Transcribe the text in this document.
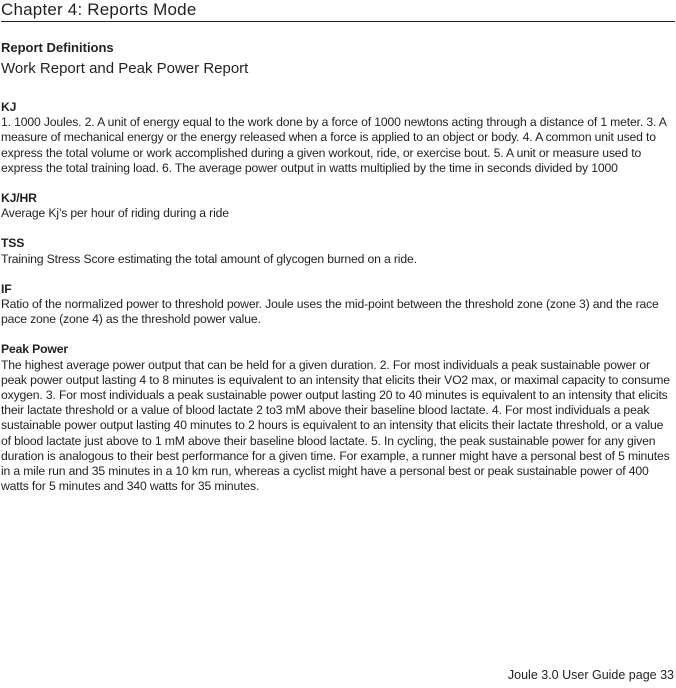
Chapter 4: Reports Mode
Report Definitions
Work Report and Peak Power Report
KJ
1. 1000 Joules. 2. A unit of energy equal to the work done by a force of 1000 newtons acting through a distance of 1 meter. 3. A measure of mechanical energy or the energy released when a force is applied to an object or body. 4. A common unit used to express the total volume or work accomplished during a given workout, ride, or exercise bout. 5. A unit or measure used to express the total training load. 6. The average power output in watts multiplied by the time in seconds divided by 1000
KJ/HR
Average Kj’s per hour of riding during a ride
TSS
Training Stress Score estimating the total amount of glycogen burned on a ride.
IF
Ratio of the normalized power to threshold power. Joule uses the mid-point between the threshold zone (zone 3) and the race pace zone (zone 4) as the threshold power value.
Peak Power
The highest average power output that can be held for a given duration. 2. For most individuals a peak sustainable power or peak power output lasting 4 to 8 minutes is equivalent to an intensity that elicits their VO2 max, or maximal capacity to consume oxygen. 3. For most individuals a peak sustainable power output lasting 20 to 40 minutes is equivalent to an intensity that elicits their lactate threshold or a value of blood lactate 2 to3 mM above their baseline blood lactate. 4. For most individuals a peak sustainable power output lasting 40 minutes to 2 hours is equivalent to an intensity that elicits their lactate threshold, or a value of blood lactate just above to 1 mM above their baseline blood lactate. 5. In cycling, the peak sustainable power for any given duration is analogous to their best performance for a given time. For example, a runner might have a personal best of 5 minutes in a mile run and 35 minutes in a 10 km run, whereas a cyclist might have a personal best or peak sustainable power of 400 watts for 5 minutes and 340 watts for 35 minutes.
Joule 3.0 User Guide page 33
